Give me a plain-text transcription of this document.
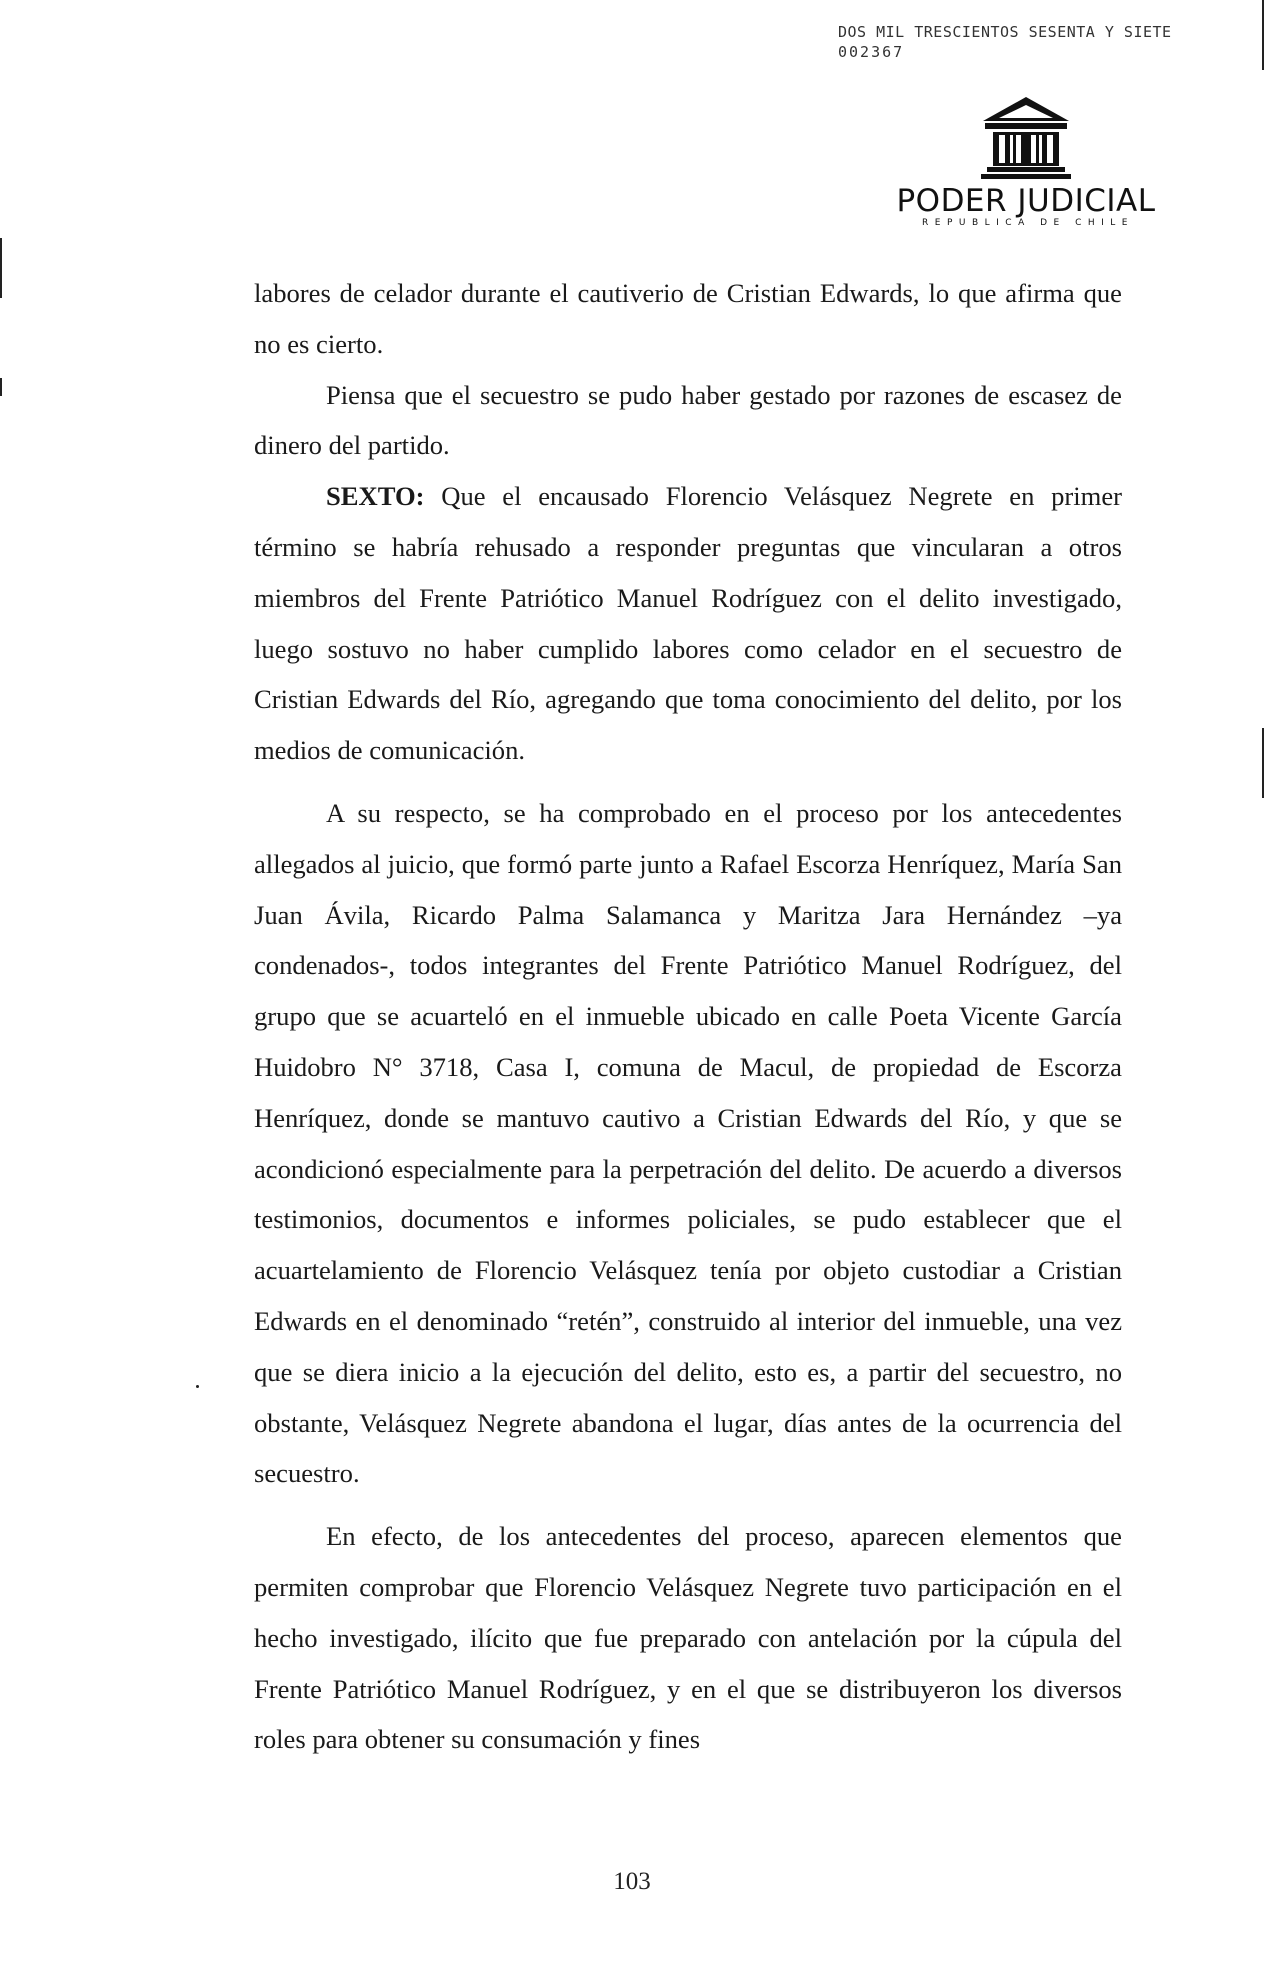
DOS MIL TRESCIENTOS SESENTA Y SIETE
002367
PODER JUDICIAL
REPUBLICA DE CHILE

labores de celador durante el cautiverio de Cristian Edwards, lo que afirma que no es cierto.

Piensa que el secuestro se pudo haber gestado por razones de escasez de dinero del partido.

SEXTO: Que el encausado Florencio Velásquez Negrete en primer término se habría rehusado a responder preguntas que vincularan a otros miembros del Frente Patriótico Manuel Rodríguez con el delito investigado, luego sostuvo no haber cumplido labores como celador en el secuestro de Cristian Edwards del Río, agregando que toma conocimiento del delito, por los medios de comunicación.

A su respecto, se ha comprobado en el proceso por los antecedentes allegados al juicio, que formó parte junto a Rafael Escorza Henríquez, María San Juan Ávila, Ricardo Palma Salamanca y Maritza Jara Hernández –ya condenados-, todos integrantes del Frente Patriótico Manuel Rodríguez, del grupo que se acuarteló en el inmueble ubicado en calle Poeta Vicente García Huidobro N° 3718, Casa I, comuna de Macul, de propiedad de Escorza Henríquez, donde se mantuvo cautivo a Cristian Edwards del Río, y que se acondicionó especialmente para la perpetración del delito. De acuerdo a diversos testimonios, documentos e informes policiales, se pudo establecer que el acuartelamiento de Florencio Velásquez tenía por objeto custodiar a Cristian Edwards en el denominado “retén”, construido al interior del inmueble, una vez que se diera inicio a la ejecución del delito, esto es, a partir del secuestro, no obstante, Velásquez Negrete abandona el lugar, días antes de la ocurrencia del secuestro.

En efecto, de los antecedentes del proceso, aparecen elementos que permiten comprobar que Florencio Velásquez Negrete tuvo participación en el hecho investigado, ilícito que fue preparado con antelación por la cúpula del Frente Patriótico Manuel Rodríguez, y en el que se distribuyeron los diversos roles para obtener su consumación y fines

103
